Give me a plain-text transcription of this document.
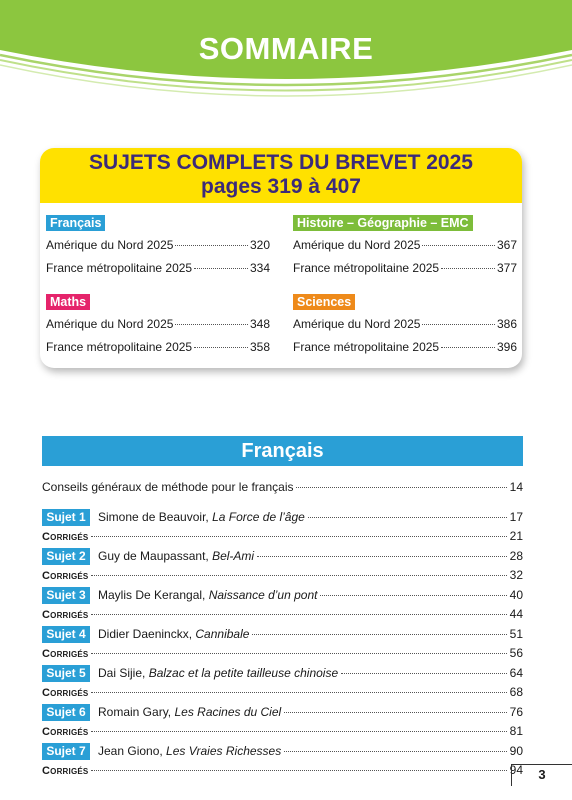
SOMMAIRE
SUJETS COMPLETS DU BREVET 2025
pages 319 à 407
Français
Amérique du Nord 2025	320
France métropolitaine 2025	334
Histoire – Géographie – EMC
Amérique du Nord 2025	367
France métropolitaine 2025	377
Maths
Amérique du Nord 2025	348
France métropolitaine 2025	358
Sciences
Amérique du Nord 2025	386
France métropolitaine 2025	396
Français
Conseils généraux de méthode pour le français	14
Sujet 1	Simone de Beauvoir, La Force de l’âge	17
Corrigés	21
Sujet 2	Guy de Maupassant, Bel-Ami	28
Corrigés	32
Sujet 3	Maylis De Kerangal, Naissance d’un pont	40
Corrigés	44
Sujet 4	Didier Daeninckx, Cannibale	51
Corrigés	56
Sujet 5	Dai Sijie, Balzac et la petite tailleuse chinoise	64
Corrigés	68
Sujet 6	Romain Gary, Les Racines du Ciel	76
Corrigés	81
Sujet 7	Jean Giono, Les Vraies Richesses	90
Corrigés	94	3
